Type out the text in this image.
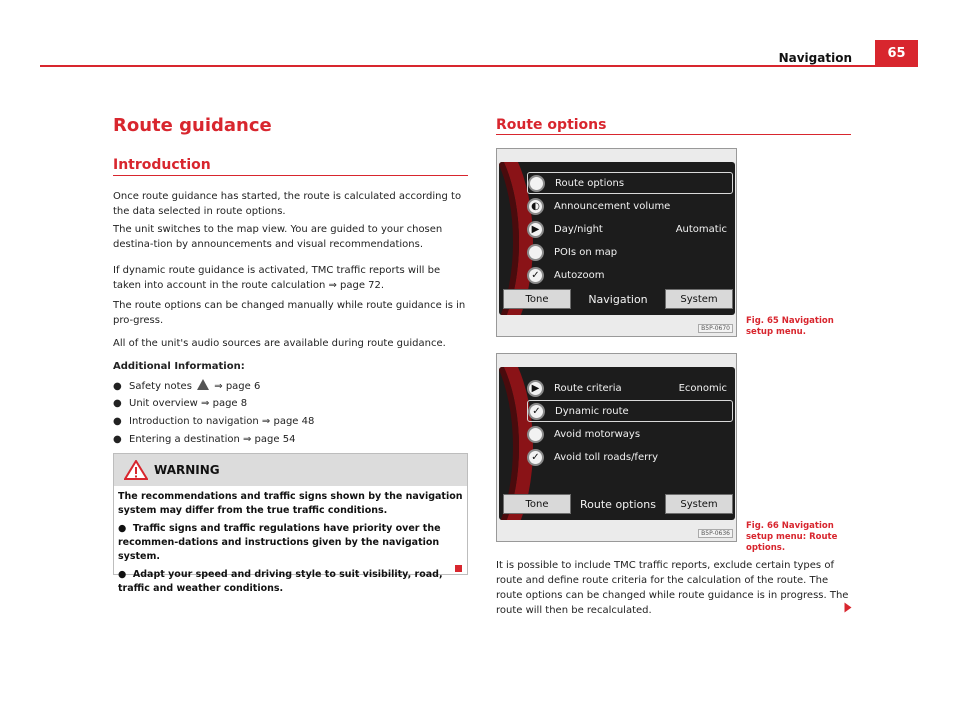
Navigation	65
Route guidance
Introduction

Once route guidance has started, the route is calculated according to the data selected in route options.

The unit switches to the map view. You are guided to your chosen destina-tion by announcements and visual recommendations.

If dynamic route guidance is activated, TMC traffic reports will be taken into account in the route calculation ⇒ page 72.

The route options can be changed manually while route guidance is in pro-gress.

All of the unit's audio sources are available during route guidance.

Additional Information:

● Safety notes  ⇒ page 6
● Unit overview ⇒ page 8
● Introduction to navigation ⇒ page 48
● Entering a destination ⇒ page 54
WARNING

The recommendations and traffic signs shown by the navigation system may differ from the true traffic conditions.

●  Traffic signs and traffic regulations have priority over the recommen-dations and instructions given by the navigation system.

●  Adapt your speed and driving style to suit visibility, road, traffic and weather conditions.

Route options
Route options
◐	Announcement volume
▶	Day/night	Automatic
POIs on map
✓	Autozoom
Tone	Navigation	System
B5P-0670
Fig. 65 Navigation setup menu.
▶	Route criteria	Economic
✓	Dynamic route
Avoid motorways
✓	Avoid toll roads/ferry
Tone	Route options	System
B5P-0636
Fig. 66 Navigation setup menu: Route options.

It is possible to include TMC traffic reports, exclude certain types of route and define route criteria for the calculation of the route. The route options can be changed while route guidance is in progress. The route will then be recalculated.
